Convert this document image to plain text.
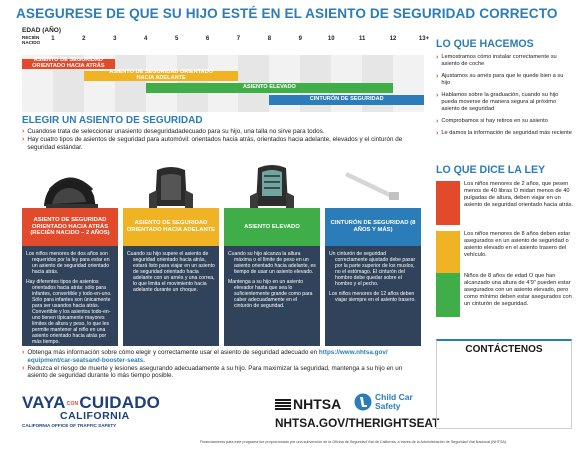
ASEGURESE DE QUE SU HIJO ESTÉ EN EL ASIENTO DE SEGURIDAD CORRECTO
EDAD (AÑO)
RECIÉN
NACIDO
1	2	3	4	5	6	7	8	9	10	11	12	13+
ASIENTO DE SEGURIDAD
ORIENTADO HACIA ATRÁS
ASIENTO DE SEGURIDAD ORIENTADO
HACIA ADELANTE
ASIENTO ELEVADO
CINTURÓN DE SEGURIDAD
ELEGIR UN ASIENTO DE SEGURIDAD
› Cuandose trata de seleccionar unasiento deseguridadadecuado para su hijo, una talla no sirve para todos.
› Hay cuatro tipos de asientos de seguridad para automóvil: orientados hacia atrás, orientados hacia adelante, elevados y el cinturón de seguridad estándar.
ASIENTO DE SEGURIDAD ORIENTADO HACIA ATRÁS (RECIÉN NACIDO – 2 AÑOS)
Los niños menores de dos años son requeridos por la ley para estar en un asiento de seguridad orientado hacia atrás.
Hay diferentes tipos de asientos orientados hacia atrás: sólo para infantes, convertible y todo-en-uno. Sólo para infantes son únicamente para ser usandos hacia atrás. Convertible y los asientos todo-en-uno tienen típicamente mayores límites de altura y peso, lo que les permite mantener al niño en una asiento orientado hacia atrás por más tiempo.
ASIENTO DE SEGURIDAD ORIENTADO HACIA ADELANTE
Cuando su hijo supere el asiento de seguridad orientado hacia atrás, estará listo para viajar en un asiento de seguridad orientado hacia adelante con un arnés y una correa, lo que limita el movimiento hacia adelante durante un choque.
ASIENTO ELEVADO
Cuando su hijo alcanza la altura máxima o el límite de peso en un asiento orientado hacia adelante, es tiempo de usar un asiento elevado.
Mantenga a su hijo en un asiento elevador hasta que sea lo suficientemente grande como para caber adecuadamente en el cinturón de seguridad.
CINTURÓN DE SEGURIDAD (8 AÑOS Y MÁS)
Un cinturón de seguridad correctamente ajustado debe pasar por la parte superior de los muslos, no el estómago. El cinturón del hombro debe quedar sobre el hombro y el pecho.
Los niños menores de 12 años deben viajar siempre en el asiento trasero.
› Obtenga más información sobre cómo elegir y correctamente usar el asiento de seguridad adecuado en https://www.nhtsa.gov/ equipment/car-seatsand-booster-seats.
› Reduzca el riesgo de muerte y lesiones asegurando adecuadamente a su hijo. Para maximizar la seguridad, mantenga a su hijo en un asiento de seguridad durante lo más tiempo posible.
VAYACONCUIDADO
CALIFORNIA
CALIFORNIA OFFICE OF TRAFFIC SAFETY
NHTSA	Child Car
Safety
NHTSA.GOV/THERIGHTSEAT
Financiamiento para este programa fue proporcionado por una subvención de la Oficina de Seguridad Vial de California, a través de la Administración de Seguridad Vial Nacional (NHTSA).
LO QUE HACEMOS
› Lemostramos cómo instalar correctamente su asiento de coche
› Ajustamos su arnés para que le quede bien a su hijo
› Hablamos sobre la graduación, cuando su hijo pueda moverse de manera segura al próximo asiento de seguridad
› Comprobamos si hay retiros en su asiento
› Le damos la información de seguridad más reciente
LO QUE DICE LA LEY
Los niños menores de 2 años, que pesen menos de 40 libras O midan menos de 40 pulgadas de altura, deben viajar en un asiento de seguridad orientado hacia atrás.
Los niños menores de 8 años deben estar asegurados en un asiento de seguridad o asiento elevado en el asiento trasero del vehículo.
Niños de 8 años de edad O que han alcanzado una altura de 4’9” pueden estar asegurados con un asiento elevado, pero como mínimo deben estar asegurados con un cinturón de seguridad.
CONTÁCTENOS
